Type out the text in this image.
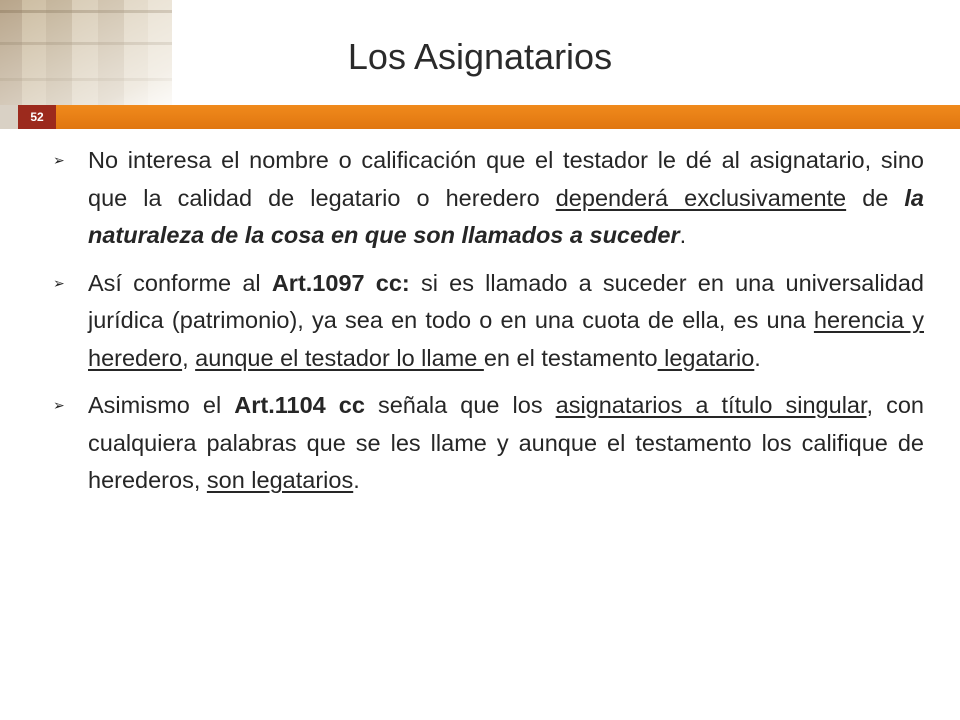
Los Asignatarios
52
➢ No interesa el nombre o calificación que el testador le dé al asignatario, sino que la calidad de legatario o heredero dependerá exclusivamente de la naturaleza de la cosa en que son llamados a suceder.
➢ Así conforme al Art.1097 cc: si es llamado a suceder en una universalidad jurídica (patrimonio), ya sea en todo o en una cuota de ella, es una herencia y heredero, aunque el testador lo llame en el testamento legatario.
➢ Asimismo el Art.1104 cc señala que los asignatarios a título singular, con cualquiera palabras que se les llame y aunque el testamento los califique de herederos, son legatarios.
